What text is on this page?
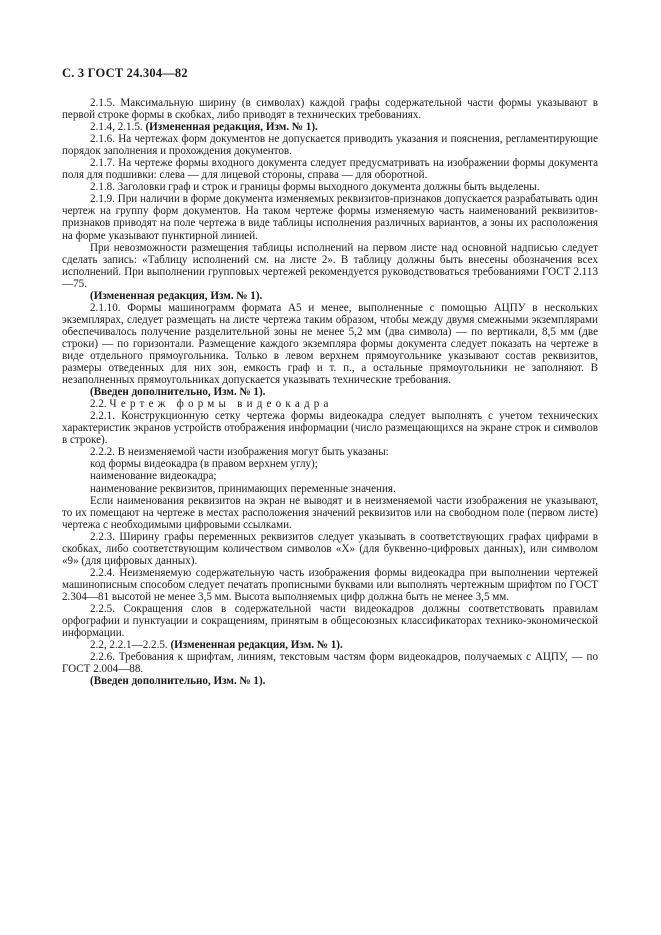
С. 3 ГОСТ 24.304—82

2.1.5. Максимальную ширину (в символах) каждой графы содержательной части формы указывают в первой строке формы в скобках, либо приводят в технических требованиях.

2.1.4, 2.1.5. (Измененная редакция, Изм. № 1).

2.1.6. На чертежах форм документов не допускается приводить указания и пояснения, регламентирующие порядок заполнения и прохождения документов.

2.1.7. На чертеже формы входного документа следует предусматривать на изображении формы документа поля для подшивки: слева — для лицевой стороны, справа — для оборотной.

2.1.8. Заголовки граф и строк и границы формы выходного документа должны быть выделены.

2.1.9. При наличии в форме документа изменяемых реквизитов-признаков допускается разрабатывать один чертеж на группу форм документов. На таком чертеже формы изменяемую часть наименований реквизитов-признаков приводят на поле чертежа в виде таблицы исполнения различных вариантов, а зоны их расположения на форме указывают пунктирной линией.

При невозможности размещения таблицы исполнений на первом листе над основной надписью следует сделать запись: «Таблицу исполнений см. на листе 2». В таблицу должны быть внесены обозначения всех исполнений. При выполнении групповых чертежей рекомендуется руководствоваться требованиями ГОСТ 2.113—75.

(Измененная редакция, Изм. № 1).

2.1.10. Формы машинограмм формата А5 и менее, выполненные с помощью АЦПУ в нескольких экземплярах, следует размещать на листе чертежа таким образом, чтобы между двумя смежными экземплярами обеспечивалось получение разделительной зоны не менее 5,2 мм (два символа) — по вертикали, 8,5 мм (две строки) — по горизонтали. Размещение каждого экземпляра формы документа следует показать на чертеже в виде отдельного прямоугольника. Только в левом верхнем прямоугольнике указывают состав реквизитов, размеры отведенных для них зон, емкость граф и т. п., а остальные прямоугольники не заполняют. В незаполненных прямоугольниках допускается указывать технические требования.

(Введен дополнительно, Изм. № 1).

2.2. Чертеж формы видеокадра

2.2.1. Конструкционную сетку чертежа формы видеокадра следует выполнять с учетом технических характеристик экранов устройств отображения информации (число размещающихся на экране строк и символов в строке).

2.2.2. В неизменяемой части изображения могут быть указаны:

код формы видеокадра (в правом верхнем углу);

наименование видеокадра;

наименование реквизитов, принимающих переменные значения.

Если наименования реквизитов на экран не выводят и в неизменяемой части изображения не указывают, то их помещают на чертеже в местах расположения значений реквизитов или на свободном поле (первом листе) чертежа с необходимыми цифровыми ссылками.

2.2.3. Ширину графы переменных реквизитов следует указывать в соответствующих графах цифрами в скобках, либо соответствующим количеством символов «Х» (для буквенно-цифровых данных), или символом «9» (для цифровых данных).

2.2.4. Неизменяемую содержательную часть изображения формы видеокадра при выполнении чертежей машинописным способом следует печатать прописными буквами или выполнять чертежным шрифтом по ГОСТ 2.304—81 высотой не менее 3,5 мм. Высота выполняемых цифр должна быть не менее 3,5 мм.

2.2.5. Сокращения слов в содержательной части видеокадров должны соответствовать правилам орфографии и пунктуации и сокращениям, принятым в общесоюзных классификаторах технико-экономической информации.

2.2, 2.2.1—2.2.5. (Измененная редакция, Изм. № 1).

2.2.6. Требования к шрифтам, линиям, текстовым частям форм видеокадров, получаемых с АЦПУ, — по ГОСТ 2.004—88.

(Введен дополнительно, Изм. № 1).
